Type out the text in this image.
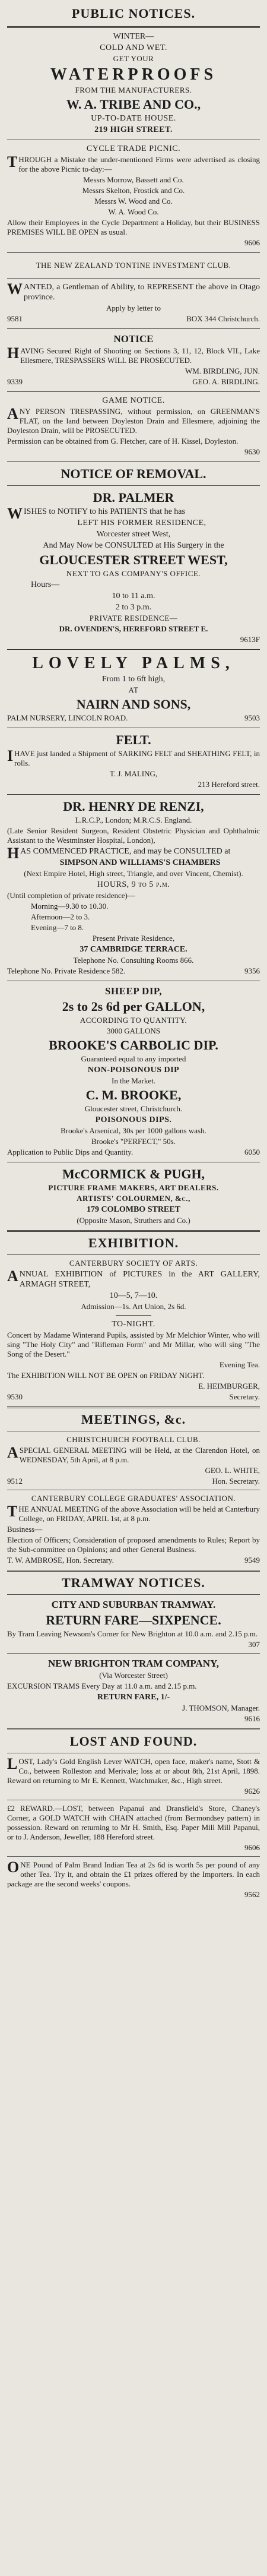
PUBLIC NOTICES.

WINTER—

COLD AND WET.

GET YOUR

WATERPROOFS

FROM THE MANUFACTURERS.

W. A. TRIBE AND CO.,

UP-TO-DATE HOUSE.

219 HIGH STREET.

CYCLE TRADE PICNIC.

THROUGH a Mistake the under-mentioned Firms were advertised as closing for the above Picnic to-day:—

Messrs Morrow, Bassett and Co.

Messrs Skelton, Frostick and Co.

Messrs W. Wood and Co.

W. A. Wood Co.

Allow their Employees in the Cycle Department a Holiday, but their BUSINESS PREMISES WILL BE OPEN as usual.

9606

THE NEW ZEALAND TONTINE INVESTMENT CLUB.

WANTED, a Gentleman of Ability, to REPRESENT the above in Otago province.

Apply by letter to

9581	BOX 344 Christchurch.

NOTICE

HAVING Secured Right of Shooting on Sections 3, 11, 12, Block VII., Lake Ellesmere, TRESPASSERS WILL BE PROSECUTED.

WM. BIRDLING, JUN.

9339	GEO. A. BIRDLING.

GAME NOTICE.

ANY PERSON TRESPASSING, without permission, on GREENMAN'S FLAT, on the land between Doyleston Drain and Ellesmere, adjoining the Doyleston Drain, will be PROSECUTED.

Permission can be obtained from G. Fletcher, care of H. Kissel, Doyleston.

9630

NOTICE OF REMOVAL.

DR. PALMER

WISHES to NOTIFY to his PATIENTS that he has

LEFT HIS FORMER RESIDENCE,

Worcester street West,

And May Now be CONSULTED at His Surgery in the

GLOUCESTER STREET WEST,

NEXT TO GAS COMPANY'S OFFICE.

Hours—

10 to 11 a.m.

2 to 3 p.m.

PRIVATE RESIDENCE—

DR. OVENDEN'S, HEREFORD STREET E.

9613F

LOVELY PALMS,

From 1 to 6ft high,

AT

NAIRN AND SONS,

PALM NURSERY, LINCOLN ROAD.	9503

FELT.

IHAVE just landed a Shipment of SARKING FELT and SHEATHING FELT, in rolls.

T. J. MALING,

213 Hereford street.

DR. HENRY DE RENZI,

L.R.C.P., London; M.R.C.S. England.

(Late Senior Resident Surgeon, Resident Obstetric Physician and Ophthalmic Assistant to the Westminster Hospital, London),

HAS COMMENCED PRACTICE, and may be CONSULTED at

SIMPSON AND WILLIAMS'S CHAMBERS

(Next Empire Hotel, High street, Triangle, and over Vincent, Chemist).

HOURS, 9 to 5 p.m.

(Until completion of private residence)—

Morning—9.30 to 10.30.

Afternoon—2 to 3.

Evening—7 to 8.

Present Private Residence,

37 CAMBRIDGE TERRACE.

Telephone No. Consulting Rooms 866.

Telephone No. Private Residence 582.	9356

SHEEP DIP,

2s to 2s 6d per GALLON,

ACCORDING TO QUANTITY.

3000 GALLONS

BROOKE'S CARBOLIC DIP.

Guaranteed equal to any imported

NON-POISONOUS DIP

In the Market.

C. M. BROOKE,

Gloucester street, Christchurch.

POISONOUS DIPS.

Brooke's Arsenical, 30s per 1000 gallons wash.

Brooke's "PERFECT," 50s.

Application to Public Dips and Quantity.	6050

McCORMICK & PUGH,

PICTURE FRAME MAKERS, ART DEALERS.

ARTISTS' COLOURMEN, &c.,

179 COLOMBO STREET

(Opposite Mason, Struthers and Co.)

EXHIBITION.

CANTERBURY SOCIETY OF ARTS.

ANNUAL EXHIBITION of PICTURES in the ART GALLERY, ARMAGH STREET,

10—5, 7—10.

Admission—1s. Art Union, 2s 6d.

TO-NIGHT.

Concert by Madame Winterand Pupils, assisted by Mr Melchior Winter, who will sing "The Holy City" and "Rifleman Form" and Mr Millar, who will sing "The Song of the Desert."

Evening Tea.

The EXHIBITION WILL NOT BE OPEN on FRIDAY NIGHT.

E. HEIMBURGER,

9530	Secretary.
MEETINGS, &c.

CHRISTCHURCH FOOTBALL CLUB.

ASPECIAL GENERAL MEETING will be Held, at the Clarendon Hotel, on WEDNESDAY, 5th April, at 8 p.m.

GEO. L. WHITE,

9512	Hon. Secretary.

CANTERBURY COLLEGE GRADUATES' ASSOCIATION.

THE ANNUAL MEETING of the above Association will be held at Canterbury College, on FRIDAY, APRIL 1st, at 8 p.m.

Business—

Election of Officers; Consideration of proposed amendments to Rules; Report by the Sub-committee on Opinions; and other General Business.

T. W. AMBROSE, Hon. Secretary.	9549
TRAMWAY NOTICES.

CITY AND SUBURBAN TRAMWAY.

RETURN FARE—SIXPENCE.

By Tram Leaving Newsom's Corner for New Brighton at 10.0 a.m. and 2.15 p.m.

307

NEW BRIGHTON TRAM COMPANY,

(Via Worcester Street)

EXCURSION TRAMS Every Day at 11.0 a.m. and 2.15 p.m.

RETURN FARE, 1/-

J. THOMSON, Manager.

9616

LOST AND FOUND.

LOST, Lady's Gold English Lever WATCH, open face, maker's name, Stott & Co., between Rolleston and Merivale; loss at or about 8th, 21st April, 1898. Reward on returning to Mr E. Kennett, Watchmaker, &c., High street.

9626

£2 REWARD.—LOST, between Papanui and Dransfield's Store, Chaney's Corner, a GOLD WATCH with CHAIN attached (from Bermondsey pattern) in possession. Reward on returning to Mr H. Smith, Esq. Paper Mill Mill Papanui, or to J. Anderson, Jeweller, 188 Hereford street.

9606

ONE Pound of Palm Brand Indian Tea at 2s 6d is worth 5s per pound of any other Tea. Try it, and obtain the £1 prizes offered by the Importers. In each package are the second weeks' coupons.

9562
